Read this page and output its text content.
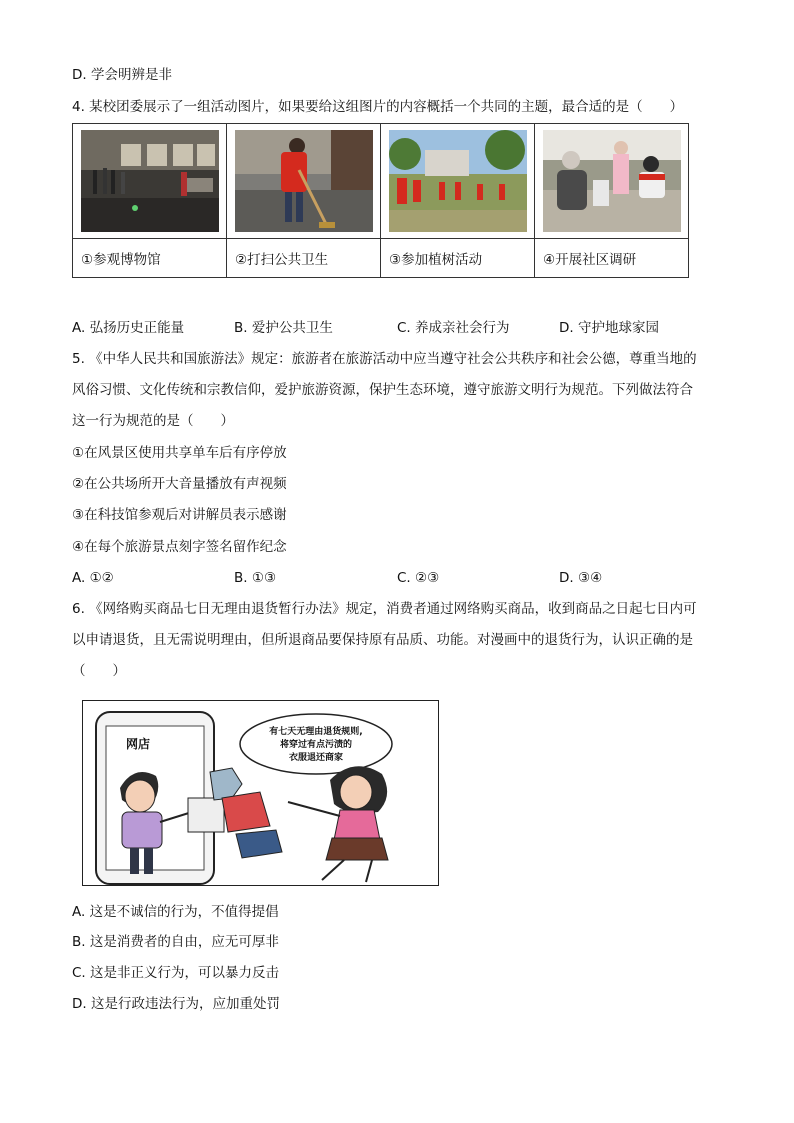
D. 学会明辨是非
4. 某校团委展示了一组活动图片，如果要给这组图片的内容概括一个共同的主题，最合适的是（　　）

①参观博物馆	②打扫公共卫生	③参加植树活动	④开展社区调研
A. 弘扬历史正能量	B. 爱护公共卫生	C. 养成亲社会行为	D. 守护地球家园
5. 《中华人民共和国旅游法》规定：旅游者在旅游活动中应当遵守社会公共秩序和社会公德，尊重当地的
风俗习惯、文化传统和宗教信仰，爱护旅游资源，保护生态环境，遵守旅游文明行为规范。下列做法符合
这一行为规范的是（　　）
①在风景区使用共享单车后有序停放
②在公共场所开大音量播放有声视频
③在科技馆参观后对讲解员表示感谢
④在每个旅游景点刻字签名留作纪念
A. ①②	B. ①③	C. ②③	D. ③④
6. 《网络购买商品七日无理由退货暂行办法》规定，消费者通过网络购买商品，收到商品之日起七日内可
以申请退货，且无需说明理由，但所退商品要保持原有品质、功能。对漫画中的退货行为，认识正确的是
（　　）
网店
有七天无理由退货规则,
将穿过有点污渍的
衣服退还商家
A. 这是不诚信的行为，不值得提倡
B. 这是消费者的自由，应无可厚非
C. 这是非正义行为，可以暴力反击
D. 这是行政违法行为，应加重处罚
